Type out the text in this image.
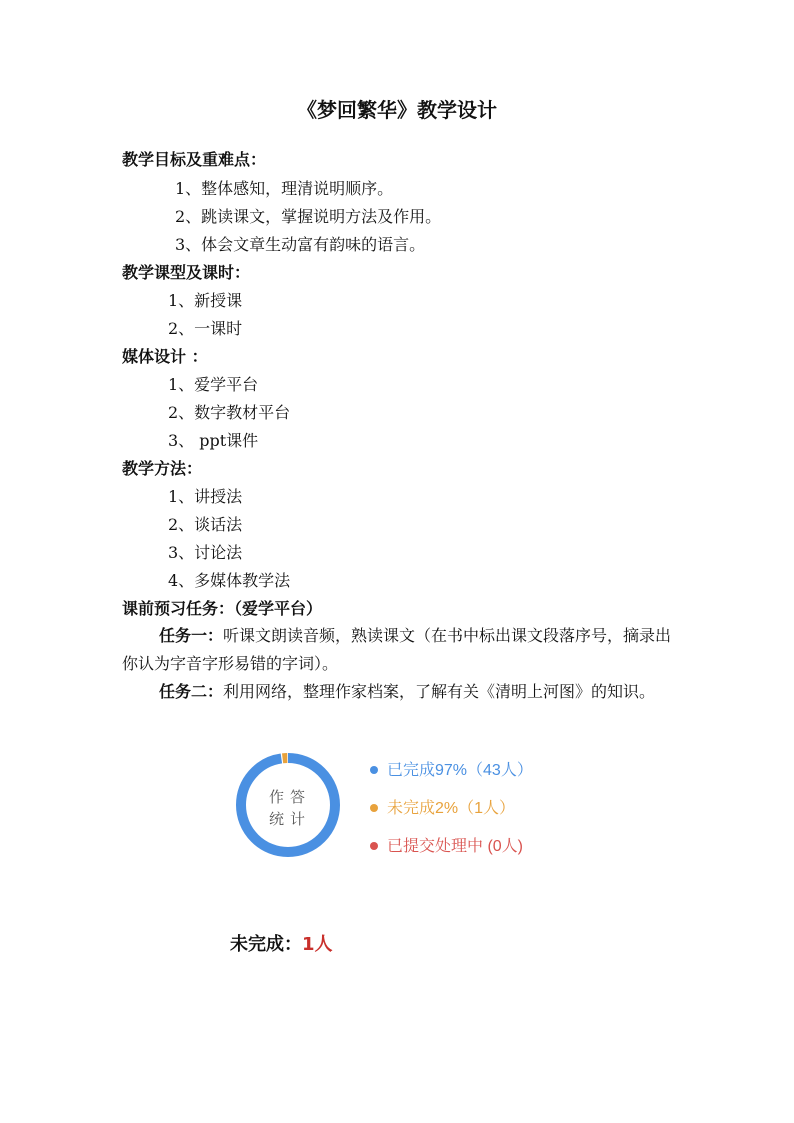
《梦回繁华》教学设计
教学目标及重难点：
1、整体感知，理清说明顺序。
2、跳读课文，掌握说明方法及作用。
3、体会文章生动富有韵味的语言。
教学课型及课时：
1、新授课
2、一课时
媒体设计 ：
1、爱学平台
2、数字教材平台
3、 ppt课件
教学方法：
1、讲授法
2、谈话法
3、讨论法
4、多媒体教学法
课前预习任务：（爱学平台）
任务一：听课文朗读音频，熟读课文（在书中标出课文段落序号，摘录出你认为字音字形易错的字词）。
任务二：利用网络，整理作家档案，了解有关《清明上河图》的知识。
作答
统计
已完成97%（43人）
未完成2%（1人）
已提交处理中 (0人)
未完成：1人
